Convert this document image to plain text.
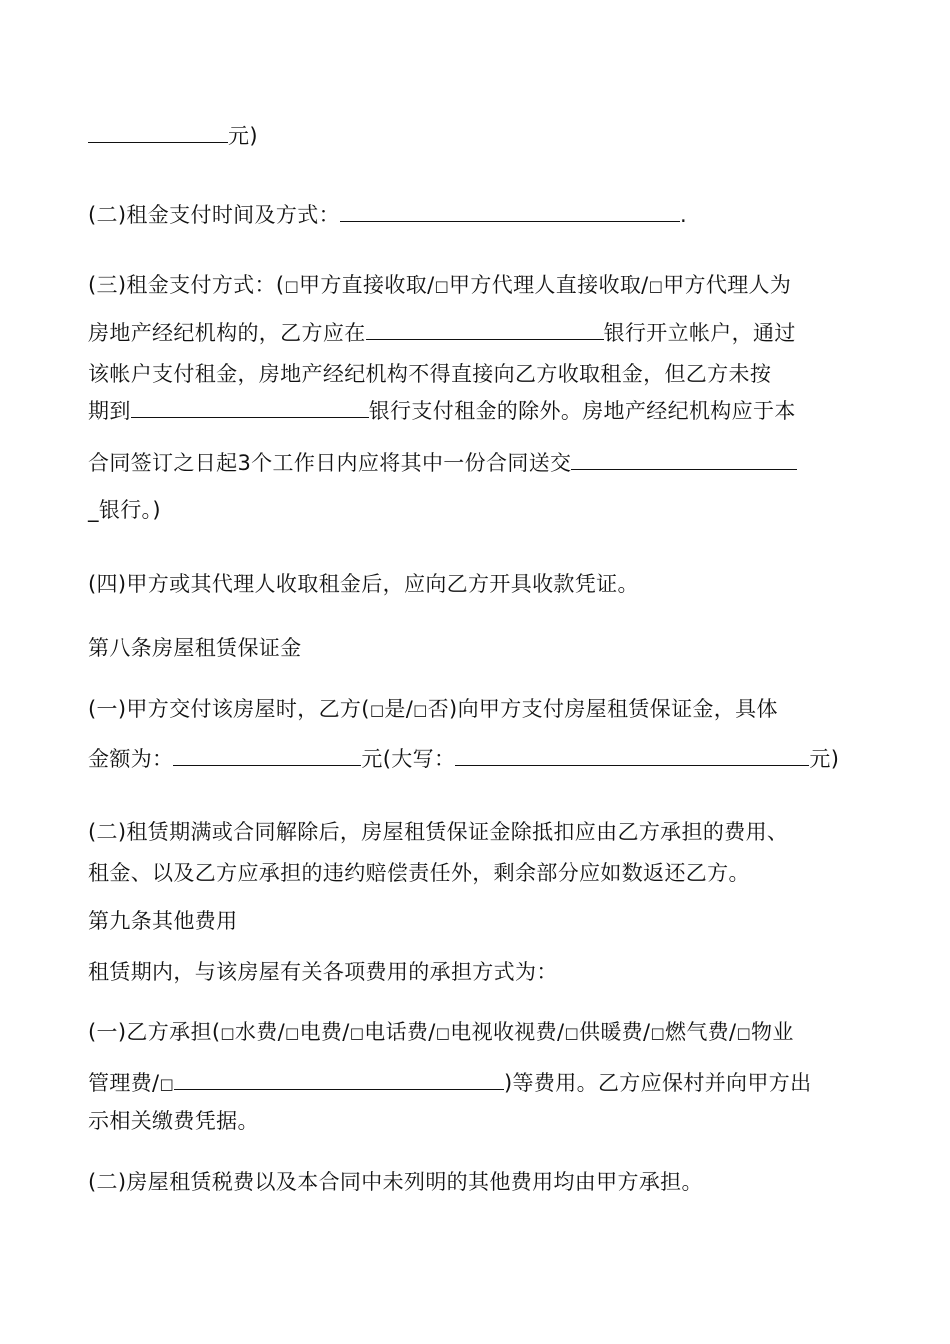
元)
(二)租金支付时间及方式：	.
(三)租金支付方式：(□甲方直接收取/□甲方代理人直接收取/□甲方代理人为
房地产经纪机构的，乙方应在	银行开立帐户，通过
该帐户支付租金，房地产经纪机构不得直接向乙方收取租金，但乙方未按
期到	银行支付租金的除外。房地产经纪机构应于本
合同签订之日起3个工作日内应将其中一份合同送交
_银行。)
(四)甲方或其代理人收取租金后，应向乙方开具收款凭证。
第八条房屋租赁保证金
(一)甲方交付该房屋时，乙方(□是/□否)向甲方支付房屋租赁保证金，具体
金额为：	元(大写：	元)
(二)租赁期满或合同解除后，房屋租赁保证金除抵扣应由乙方承担的费用、
租金、以及乙方应承担的违约赔偿责任外，剩余部分应如数返还乙方。
第九条其他费用
租赁期内，与该房屋有关各项费用的承担方式为：
(一)乙方承担(□水费/□电费/□电话费/□电视收视费/□供暖费/□燃气费/□物业
管理费/□	)等费用。乙方应保村并向甲方出
示相关缴费凭据。
(二)房屋租赁税费以及本合同中未列明的其他费用均由甲方承担。
